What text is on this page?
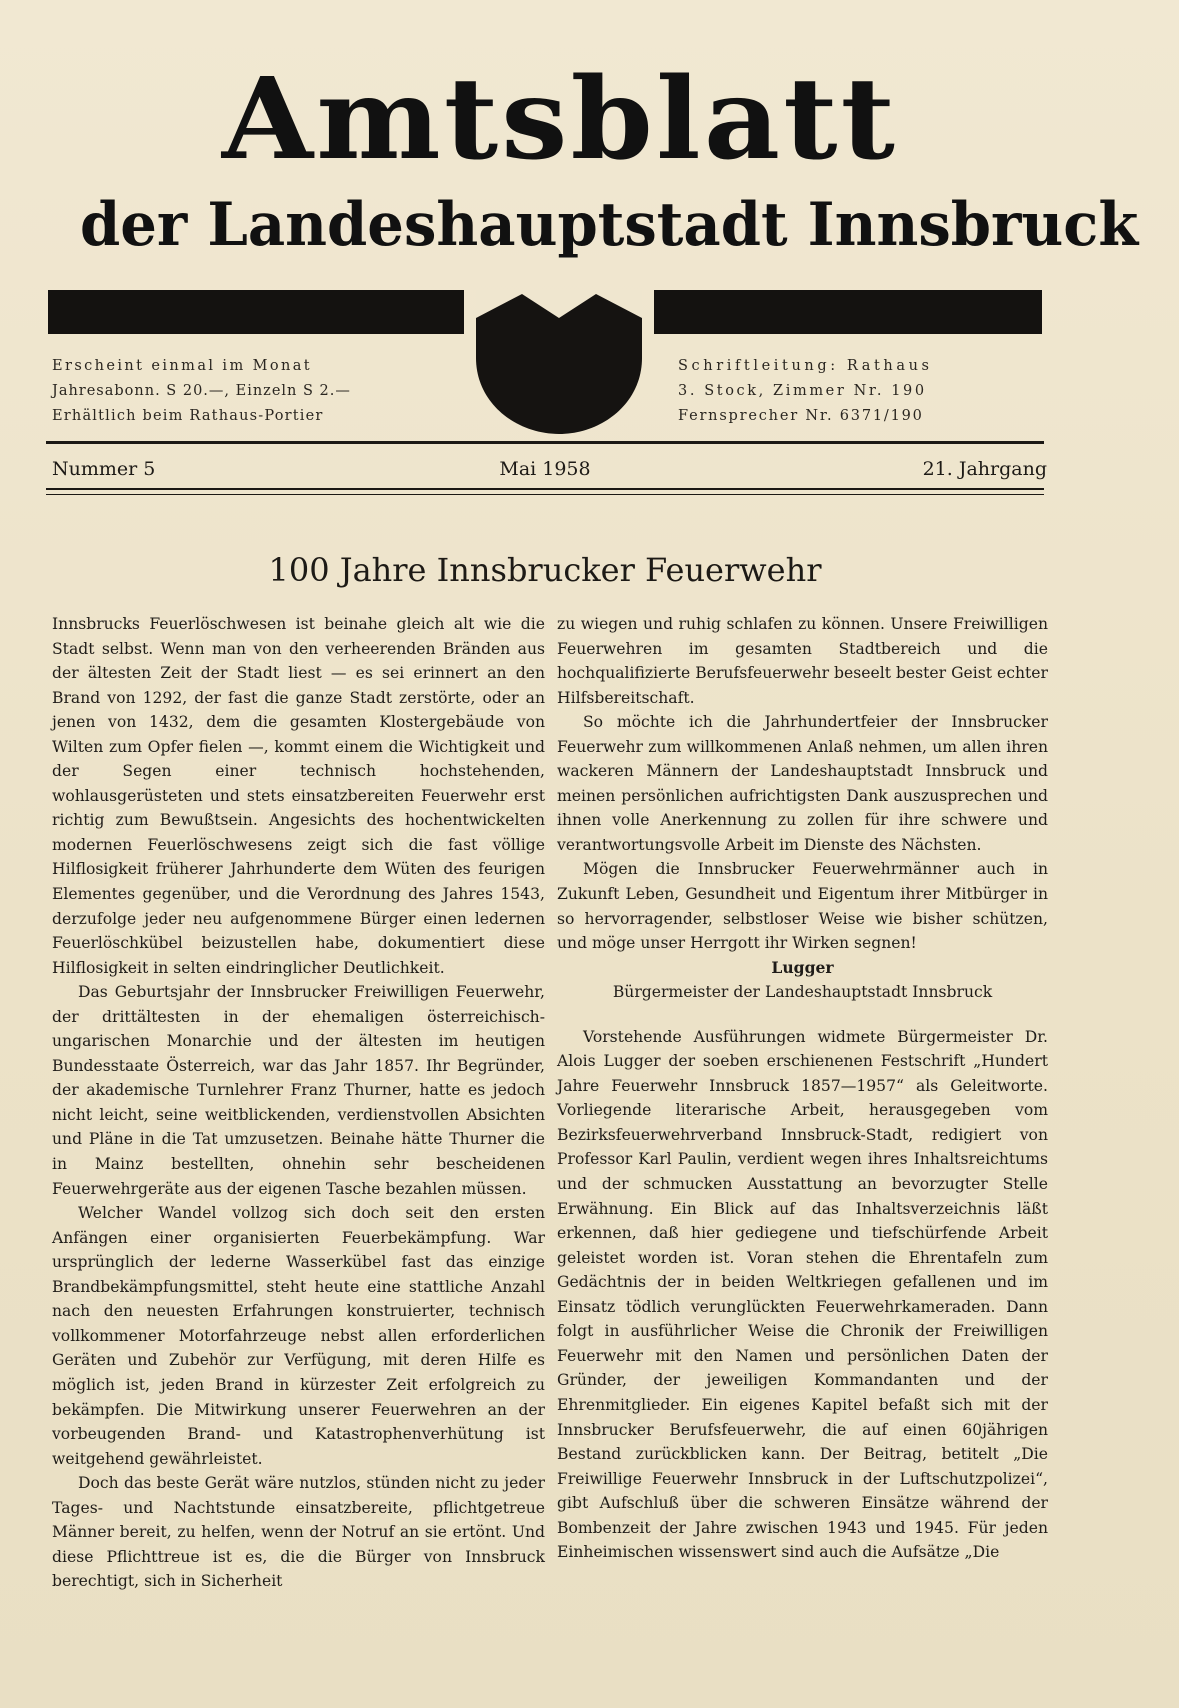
Amtsblatt
der Landeshauptstadt Innsbruck
Erscheint einmal im Monat
Jahresabonn. S 20.—, Einzeln S 2.—
Erhältlich beim Rathaus-Portier
Schriftleitung: Rathaus
3. Stock, Zimmer Nr. 190
Fernsprecher Nr. 6371/190
Nummer 5	Mai 1958	21. Jahrgang
100 Jahre Innsbrucker Feuerwehr

Innsbrucks Feuerlöschwesen ist beinahe gleich alt wie die Stadt selbst. Wenn man von den verheerenden Bränden aus der ältesten Zeit der Stadt liest — es sei erinnert an den Brand von 1292, der fast die ganze Stadt zerstörte, oder an jenen von 1432, dem die gesamten Klostergebäude von Wilten zum Opfer fielen —, kommt einem die Wichtigkeit und der Segen einer technisch hochstehenden, wohlausgerüsteten und stets einsatzbereiten Feuerwehr erst richtig zum Bewußtsein. Angesichts des hochentwickelten modernen Feuerlöschwesens zeigt sich die fast völlige Hilflosigkeit früherer Jahrhunderte dem Wüten des feurigen Elementes gegenüber, und die Verordnung des Jahres 1543, derzufolge jeder neu aufgenommene Bürger einen ledernen Feuerlöschkübel beizustellen habe, dokumentiert diese Hilflosigkeit in selten eindringlicher Deutlichkeit.

Das Geburtsjahr der Innsbrucker Freiwilligen Feuerwehr, der drittältesten in der ehemaligen österreichisch-ungarischen Monarchie und der ältesten im heutigen Bundesstaate Österreich, war das Jahr 1857. Ihr Begründer, der akademische Turnlehrer Franz Thurner, hatte es jedoch nicht leicht, seine weitblickenden, verdienstvollen Absichten und Pläne in die Tat umzusetzen. Beinahe hätte Thurner die in Mainz bestellten, ohnehin sehr bescheidenen Feuerwehrgeräte aus der eigenen Tasche bezahlen müssen.

Welcher Wandel vollzog sich doch seit den ersten Anfängen einer organisierten Feuerbekämpfung. War ursprünglich der lederne Wasserkübel fast das einzige Brandbekämpfungsmittel, steht heute eine stattliche Anzahl nach den neuesten Erfahrungen konstruierter, technisch vollkommener Motorfahrzeuge nebst allen erforderlichen Geräten und Zubehör zur Verfügung, mit deren Hilfe es möglich ist, jeden Brand in kürzester Zeit erfolgreich zu bekämpfen. Die Mitwirkung unserer Feuerwehren an der vorbeugenden Brand- und Katastrophenverhütung ist weitgehend gewährleistet.

Doch das beste Gerät wäre nutzlos, stünden nicht zu jeder Tages- und Nachtstunde einsatzbereite, pflichtgetreue Männer bereit, zu helfen, wenn der Notruf an sie ertönt. Und diese Pflichttreue ist es, die die Bürger von Innsbruck berechtigt, sich in Sicherheit

zu wiegen und ruhig schlafen zu können. Unsere Freiwilligen Feuerwehren im gesamten Stadtbereich und die hochqualifizierte Berufsfeuerwehr beseelt bester Geist echter Hilfsbereitschaft.

So möchte ich die Jahrhundertfeier der Innsbrucker Feuerwehr zum willkommenen Anlaß nehmen, um allen ihren wackeren Männern der Landeshauptstadt Innsbruck und meinen persönlichen aufrichtigsten Dank auszusprechen und ihnen volle Anerkennung zu zollen für ihre schwere und verantwortungsvolle Arbeit im Dienste des Nächsten.

Mögen die Innsbrucker Feuerwehrmänner auch in Zukunft Leben, Gesundheit und Eigentum ihrer Mitbürger in so hervorragender, selbstloser Weise wie bisher schützen, und möge unser Herrgott ihr Wirken segnen!

Lugger

Bürgermeister der Landeshauptstadt Innsbruck

Vorstehende Ausführungen widmete Bürgermeister Dr. Alois Lugger der soeben erschienenen Festschrift „Hundert Jahre Feuerwehr Innsbruck 1857—1957“ als Geleitworte. Vorliegende literarische Arbeit, herausgegeben vom Bezirksfeuerwehrverband Innsbruck-Stadt, redigiert von Professor Karl Paulin, verdient wegen ihres Inhaltsreichtums und der schmucken Ausstattung an bevorzugter Stelle Erwähnung. Ein Blick auf das Inhaltsverzeichnis läßt erkennen, daß hier gediegene und tiefschürfende Arbeit geleistet worden ist. Voran stehen die Ehrentafeln zum Gedächtnis der in beiden Weltkriegen gefallenen und im Einsatz tödlich verunglückten Feuerwehrkameraden. Dann folgt in ausführlicher Weise die Chronik der Freiwilligen Feuerwehr mit den Namen und persönlichen Daten der Gründer, der jeweiligen Kommandanten und der Ehrenmitglieder. Ein eigenes Kapitel befaßt sich mit der Innsbrucker Berufsfeuerwehr, die auf einen 60jährigen Bestand zurückblicken kann. Der Beitrag, betitelt „Die Freiwillige Feuerwehr Innsbruck in der Luftschutzpolizei“, gibt Aufschluß über die schweren Einsätze während der Bombenzeit der Jahre zwischen 1943 und 1945. Für jeden Einheimischen wissenswert sind auch die Aufsätze „Die
